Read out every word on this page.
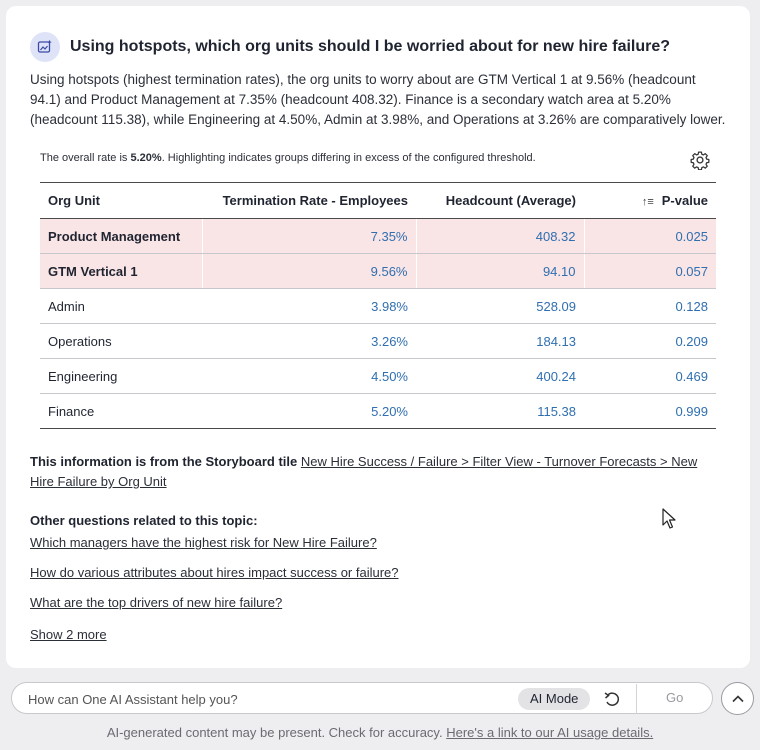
Using hotspots, which org units should I be worried about for new hire failure?
Using hotspots (highest termination rates), the org units to worry about are GTM Vertical 1 at 9.56% (headcount 94.1) and Product Management at 7.35% (headcount 408.32). Finance is a secondary watch area at 5.20% (headcount 115.38), while Engineering at 4.50%, Admin at 3.98%, and Operations at 3.26% are comparatively lower.
The overall rate is 5.20%. Highlighting indicates groups differing in excess of the configured threshold.
Org Unit	Termination Rate - Employees	Headcount (Average)	↑≡ P-value
Product Management	7.35%	408.32	0.025
GTM Vertical 1	9.56%	94.10	0.057
Admin	3.98%	528.09	0.128
Operations	3.26%	184.13	0.209
Engineering	4.50%	400.24	0.469
Finance	5.20%	115.38	0.999
This information is from the Storyboard tile New Hire Success / Failure > Filter View - Turnover Forecasts > New Hire Failure by Org Unit
Other questions related to this topic:
Which managers have the highest risk for New Hire Failure?
How do various attributes about hires impact success or failure?
What are the top drivers of new hire failure?
Show 2 more
How can One AI Assistant help you?
AI Mode	Go
AI-generated content may be present. Check for accuracy. Here's a link to our AI usage details.
